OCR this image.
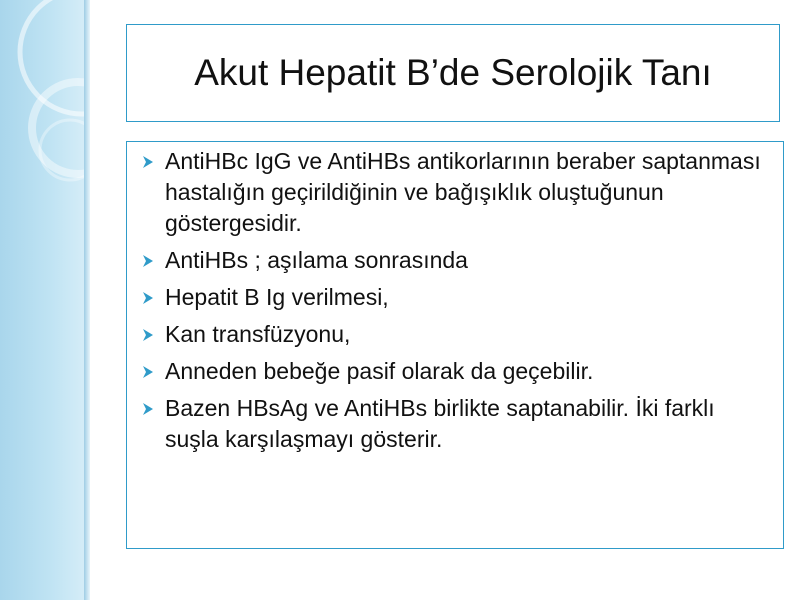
Akut Hepatit B’de Serolojik Tanı
AntiHBc IgG ve AntiHBs antikorlarının beraber saptanması hastalığın geçirildiğinin ve bağışıklık oluştuğunun göstergesidir.
AntiHBs ; aşılama sonrasında
Hepatit B Ig verilmesi,
Kan transfüzyonu,
Anneden bebeğe pasif olarak da geçebilir.
Bazen HBsAg ve AntiHBs birlikte saptanabilir. İki farklı suşla karşılaşmayı gösterir.
